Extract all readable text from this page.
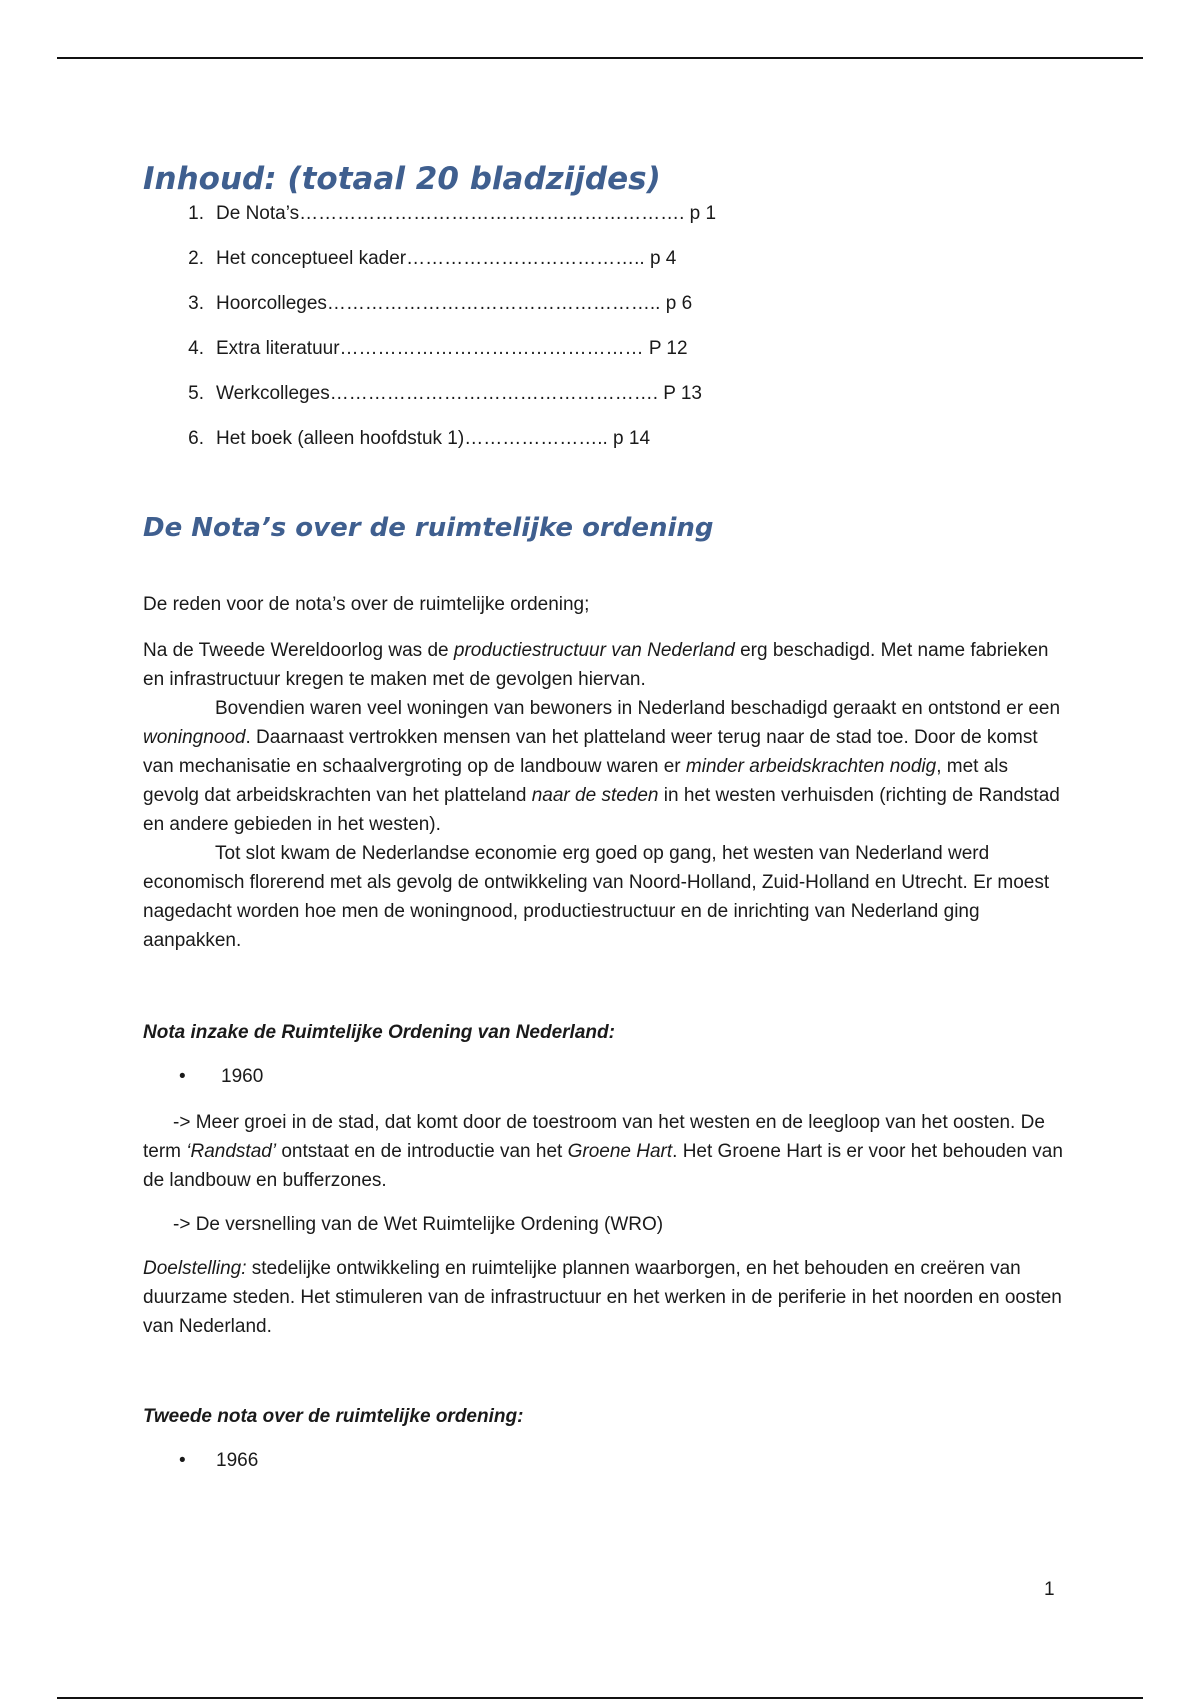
Inhoud: (totaal 20 bladzijdes)
1. De Nota’s……………………………………………………. p 1
2. Het conceptueel kader……………………………….. p 4
3. Hoorcolleges…………………………………………….. p 6
4. Extra literatuur………………………………………… P 12
5. Werkcolleges……………………………………………. P 13
6. Het boek (alleen hoofdstuk 1)………………….. p 14
De Nota’s over de ruimtelijke ordening

De reden voor de nota’s over de ruimtelijke ordening;

Na de Tweede Wereldoorlog was de productiestructuur van Nederland erg beschadigd. Met name fabrieken en infrastructuur kregen te maken met de gevolgen hiervan.

Bovendien waren veel woningen van bewoners in Nederland beschadigd geraakt en ontstond er een woningnood. Daarnaast vertrokken mensen van het platteland weer terug naar de stad toe. Door de komst van mechanisatie en schaalvergroting op de landbouw waren er minder arbeidskrachten nodig, met als gevolg dat arbeidskrachten van het platteland naar de steden in het westen verhuisden (richting de Randstad en andere gebieden in het westen).

Tot slot kwam de Nederlandse economie erg goed op gang, het westen van Nederland werd economisch florerend met als gevolg de ontwikkeling van Noord-Holland, Zuid-Holland en Utrecht. Er moest nagedacht worden hoe men de woningnood, productiestructuur en de inrichting van Nederland ging aanpakken.

Nota inzake de Ruimtelijke Ordening van Nederland:

• 1960

-> Meer groei in de stad, dat komt door de toestroom van het westen en de leegloop van het oosten. De term ‘Randstad’ ontstaat en de introductie van het Groene Hart. Het Groene Hart is er voor het behouden van de landbouw en bufferzones.

-> De versnelling van de Wet Ruimtelijke Ordening (WRO)

Doelstelling: stedelijke ontwikkeling en ruimtelijke plannen waarborgen, en het behouden en creëren van duurzame steden. Het stimuleren van de infrastructuur en het werken in de periferie in het noorden en oosten van Nederland.

Tweede nota over de ruimtelijke ordening:

• 1966
1
